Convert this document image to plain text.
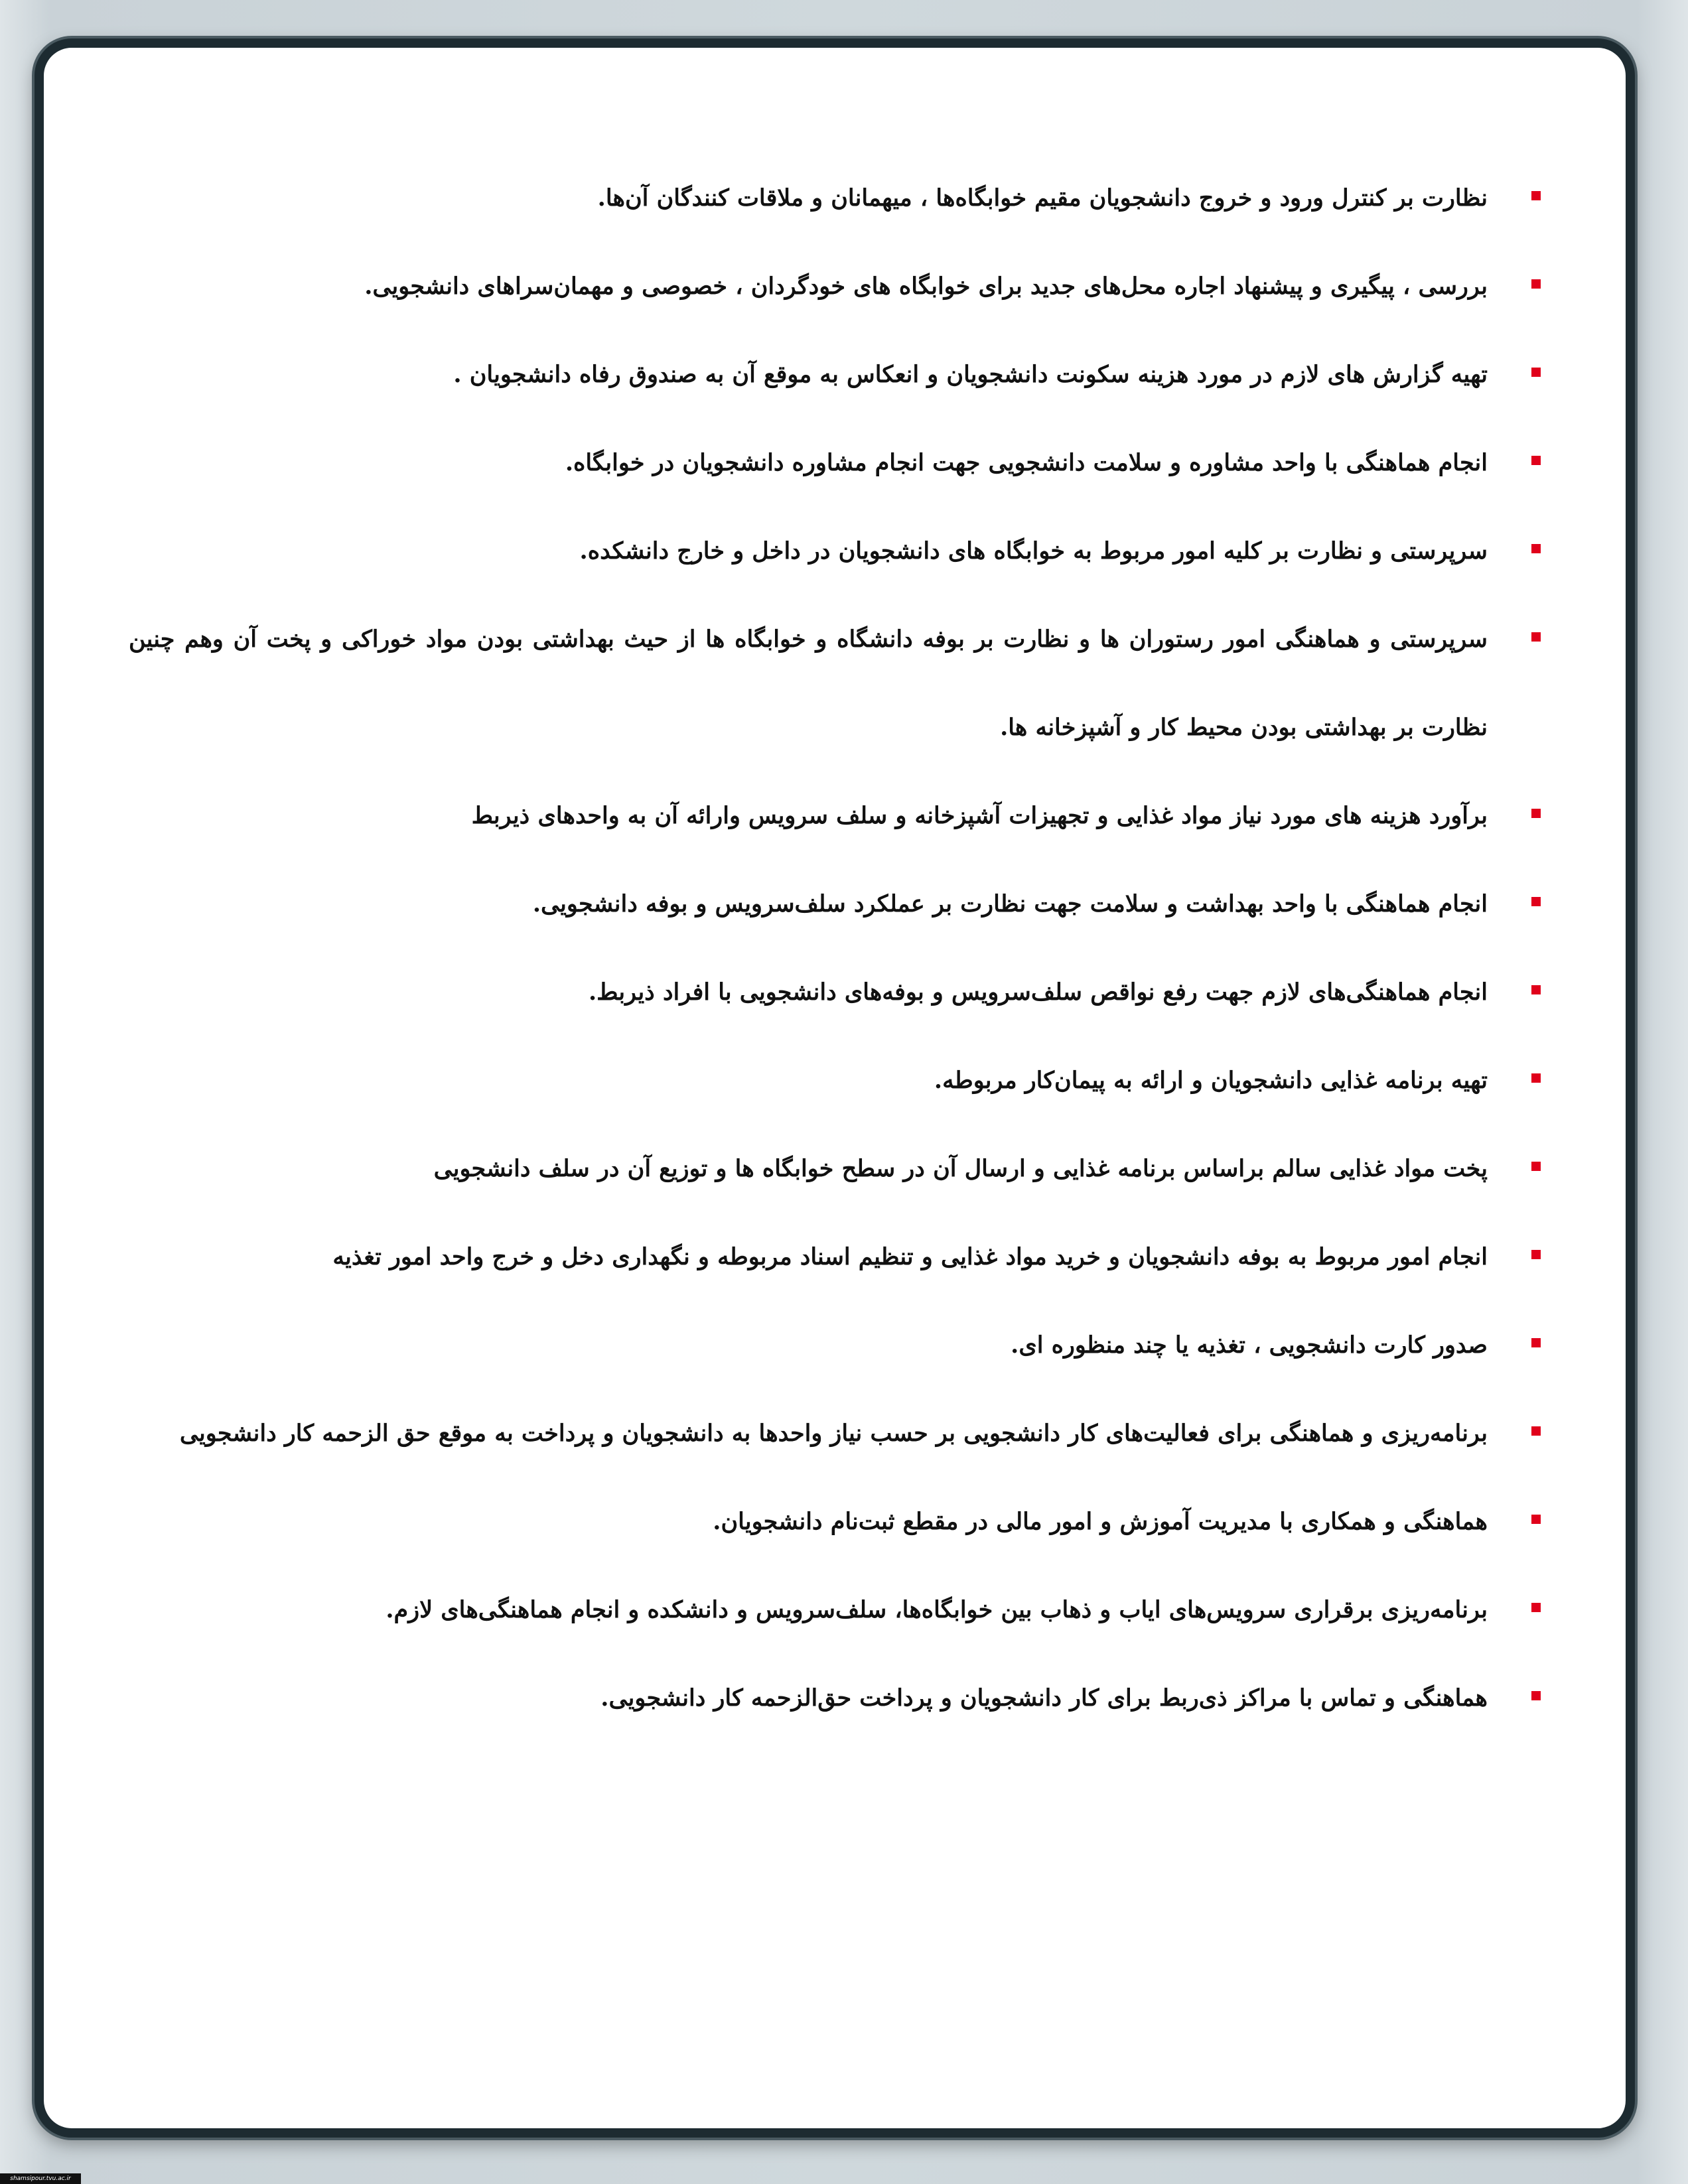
نظارت بر کنترل ورود و خروج دانشجویان مقیم خوابگاه‌ها ، میهمانان و ملاقات کنندگان آن‌ها.
بررسی ، پیگیری و پیشنهاد اجاره محل‌های جدید برای خوابگاه های خودگردان ، خصوصی و مهمان‌سراهای دانشجویی.
تهیه گزارش های لازم در مورد هزینه سکونت دانشجویان و انعکاس به موقع آن به صندوق رفاه دانشجویان .
انجام هماهنگی با واحد مشاوره و سلامت دانشجویی جهت انجام مشاوره دانشجویان در خوابگاه.
سرپرستی و نظارت بر کلیه امور مربوط به خوابگاه های دانشجویان در داخل و خارج دانشکده.
سرپرستی و هماهنگی امور رستوران ها و نظارت بر بوفه دانشگاه و خوابگاه ها از حیث بهداشتی بودن مواد خوراکی و پخت آن وهم چنین نظارت بر بهداشتی بودن محیط کار و آشپزخانه ها.
برآورد هزینه های مورد نیاز مواد غذایی و تجهیزات آشپزخانه و سلف سرویس وارائه آن به واحدهای ذیربط
انجام هماهنگی با واحد بهداشت و سلامت جهت نظارت بر عملکرد سلف‌سرویس و بوفه دانشجویی.
انجام هماهنگی‌های لازم جهت رفع نواقص سلف‌سرویس و بوفه‌های دانشجویی با افراد ذیربط.
تهیه برنامه غذایی دانشجویان و ارائه به پیمان‌کار مربوطه.
پخت مواد غذایی سالم براساس برنامه غذایی و ارسال آن در سطح خوابگاه ها و توزیع آن در سلف دانشجویی
انجام امور مربوط به بوفه دانشجویان و خرید مواد غذایی و تنظیم اسناد مربوطه و نگهداری دخل و خرج واحد امور تغذیه
صدور کارت دانشجویی ، تغذیه یا چند منظوره ای.
برنامه‌ریزی و هماهنگی برای فعالیت‌های کار دانشجویی بر حسب نیاز واحدها به دانشجویان و پرداخت به موقع حق الزحمه کار دانشجویی
هماهنگی و همکاری با مدیریت آموزش و امور مالی در مقطع ثبت‌نام دانشجویان.
برنامه‌ریزی برقراری سرویس‌های ایاب و ذهاب بین خوابگاه‌ها، سلف‌سرویس و دانشکده و انجام هماهنگی‌های لازم.
هماهنگی و تماس با مراکز ذی‌ربط برای کار دانشجویان و پرداخت حق‌الزحمه کار دانشجویی.
shamsipour.tvu.ac.ir
